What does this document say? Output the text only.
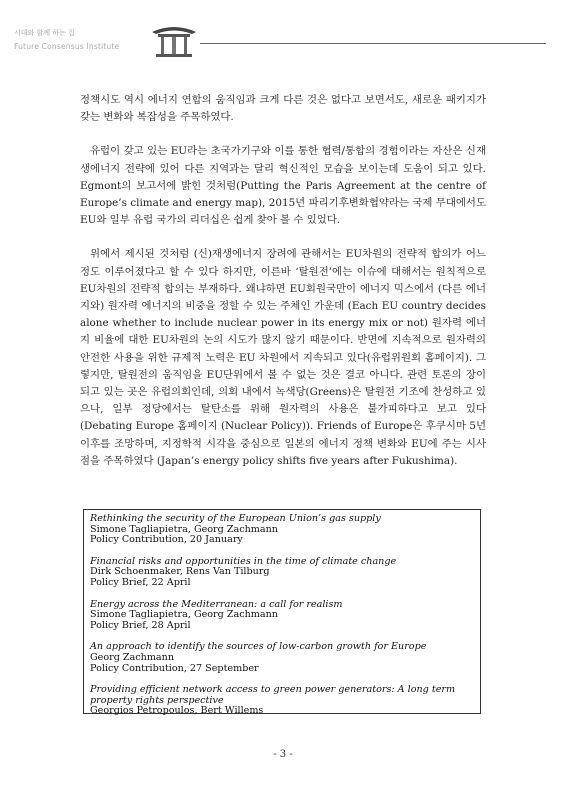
시대와 함께 하는 집
Future Consensus Institute

정책시도 역시 에너지 연합의 움직임과 크게 다른 것은 없다고 보면서도, 새로운 패키지가 갖는 변화와 복잡성을 주목하였다.

유럽이 갖고 있는 EU라는 초국가기구와 이를 통한 협력/통합의 경험이라는 자산은 신재생에너지 전략에 있어 다른 지역과는 달리 혁신적인 모습을 보이는데 도움이 되고 있다. Egmont의 보고서에 밝힌 것처럼(Putting the Paris Agreement at the centre of Europe’s climate and energy map), 2015년 파리기후변화협약라는 국제 무대에서도 EU와 일부 유럽 국가의 리더십은 쉽게 찾아 볼 수 있었다.

위에서 제시된 것처럼 (신)재생에너지 장려에 관해서는 EU차원의 전략적 합의가 어느 정도 이루어졌다고 할 수 있다 하지만, 이른바 ‘탈원전’에는 이슈에 대해서는 원칙적으로 EU차원의 전략적 합의는 부재하다. 왜냐하면 EU회원국만이 에너지 믹스에서 (다른 에너지와) 원자력 에너지의 비중을 정할 수 있는 주체인 가운데 (Each EU country decides alone whether to include nuclear power in its energy mix or not) 원자력 에너지 비율에 대한 EU차원의 논의 시도가 많지 않기 때문이다. 반면에 지속적으로 원자력의 안전한 사용을 위한 규제적 노력은 EU 차원에서 지속되고 있다(유럽위원회 홈페이지). 그렇지만, 탈원전의 움직임을 EU단위에서 볼 수 없는 것은 결코 아니다. 관련 토론의 장이 되고 있는 곳은 유럽의회인데, 의회 내에서 녹색당(Greens)은 탈원전 기조에 찬성하고 있으나, 일부 정당에서는 탈탄소를 위해 원자력의 사용은 불가피하다고 보고 있다(Debating Europe 홈페이지 (Nuclear Policy)). Friends of Europe은 후쿠시마 5년 이후를 조망하며, 지정학적 시각을 중심으로 일본의 에너지 정책 변화와 EU에 주는 시사점을 주목하였다 (Japan’s energy policy shifts five years after Fukushima).

Rethinking the security of the European Union’s gas supply
Simone Tagliapietra, Georg Zachmann
Policy Contribution, 20 January
Financial risks and opportunities in the time of climate change
Dirk Schoenmaker, Rens Van Tilburg
Policy Brief, 22 April
Energy across the Mediterranean: a call for realism
Simone Tagliapietra, Georg Zachmann
Policy Brief, 28 April
An approach to identify the sources of low-carbon growth for Europe
Georg Zachmann
Policy Contribution, 27 September
Providing efficient network access to green power generators: A long term property rights perspective
Georgios Petropoulos, Bert Willems
- 3 -
